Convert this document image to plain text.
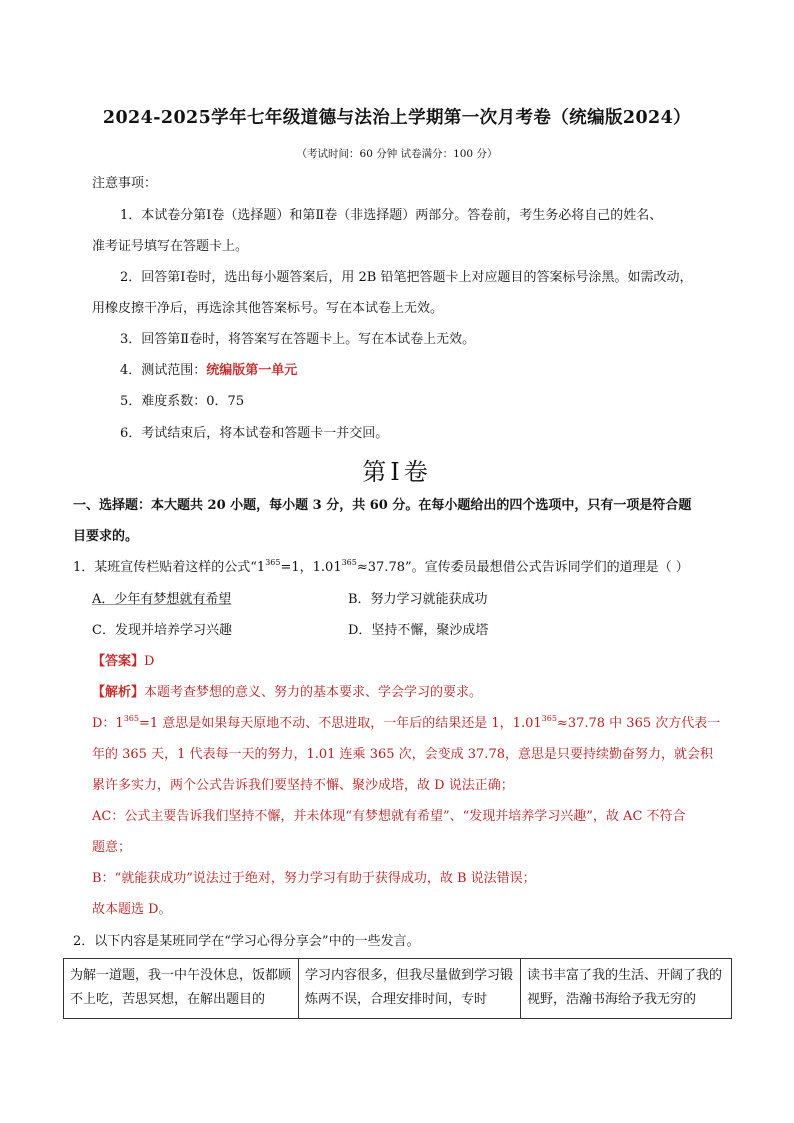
2024-2025学年七年级道德与法治上学期第一次月考卷（统编版2024）
（考试时间：60 分钟 试卷满分：100 分）
注意事项：
1．本试卷分第Ⅰ卷（选择题）和第Ⅱ卷（非选择题）两部分。答卷前，考生务必将自己的姓名、
准考证号填写在答题卡上。
2．回答第Ⅰ卷时，选出每小题答案后，用 2B 铅笔把答题卡上对应题目的答案标号涂黑。如需改动，
用橡皮擦干净后，再选涂其他答案标号。写在本试卷上无效。
3．回答第Ⅱ卷时，将答案写在答题卡上。写在本试卷上无效。
4．测试范围：统编版第一单元
5．难度系数：0．75
6．考试结束后，将本试卷和答题卡一并交回。
第Ⅰ卷
一、选择题：本大题共 20 小题，每小题 3 分，共 60 分。在每小题给出的四个选项中，只有一项是符合题
目要求的。
1．某班宣传栏贴着这样的公式“$1^{365}=1$，$1.01^{365}\approx 37.78$”。宣传委员最想借公式告诉同学们的道理是（ ）
A．少年有梦想就有希望	B．努力学习就能获成功
C．发现并培养学习兴趣	D．坚持不懈，聚沙成塔
【答案】D
【解析】本题考查梦想的意义、努力的基本要求、学会学习的要求。
D：$1^{365}=1$ 意思是如果每天原地不动、不思进取，一年后的结果还是 1，$1.01^{365}\approx 37.78$ 中 365 次方代表一
年的 365 天，1 代表每一天的努力，1.01 连乘 365 次，会变成 37.78，意思是只要持续勤奋努力，就会积
累许多实力，两个公式告诉我们要坚持不懈、聚沙成塔，故 D 说法正确；
AC：公式主要告诉我们坚持不懈，并未体现“有梦想就有希望”、“发现并培养学习兴趣”，故 AC 不符合
题意；
B：“就能获成功”说法过于绝对，努力学习有助于获得成功，故 B 说法错误；
故本题选 D。
2．以下内容是某班同学在“学习心得分享会”中的一些发言。
为解一道题，我一中午没休息，饭都顾不上吃，苦思冥想，在解出题目的	学习内容很多，但我尽量做到学习锻炼两不误，合理安排时间，专时	读书丰富了我的生活、开阔了我的视野，浩瀚书海给予我无穷的
